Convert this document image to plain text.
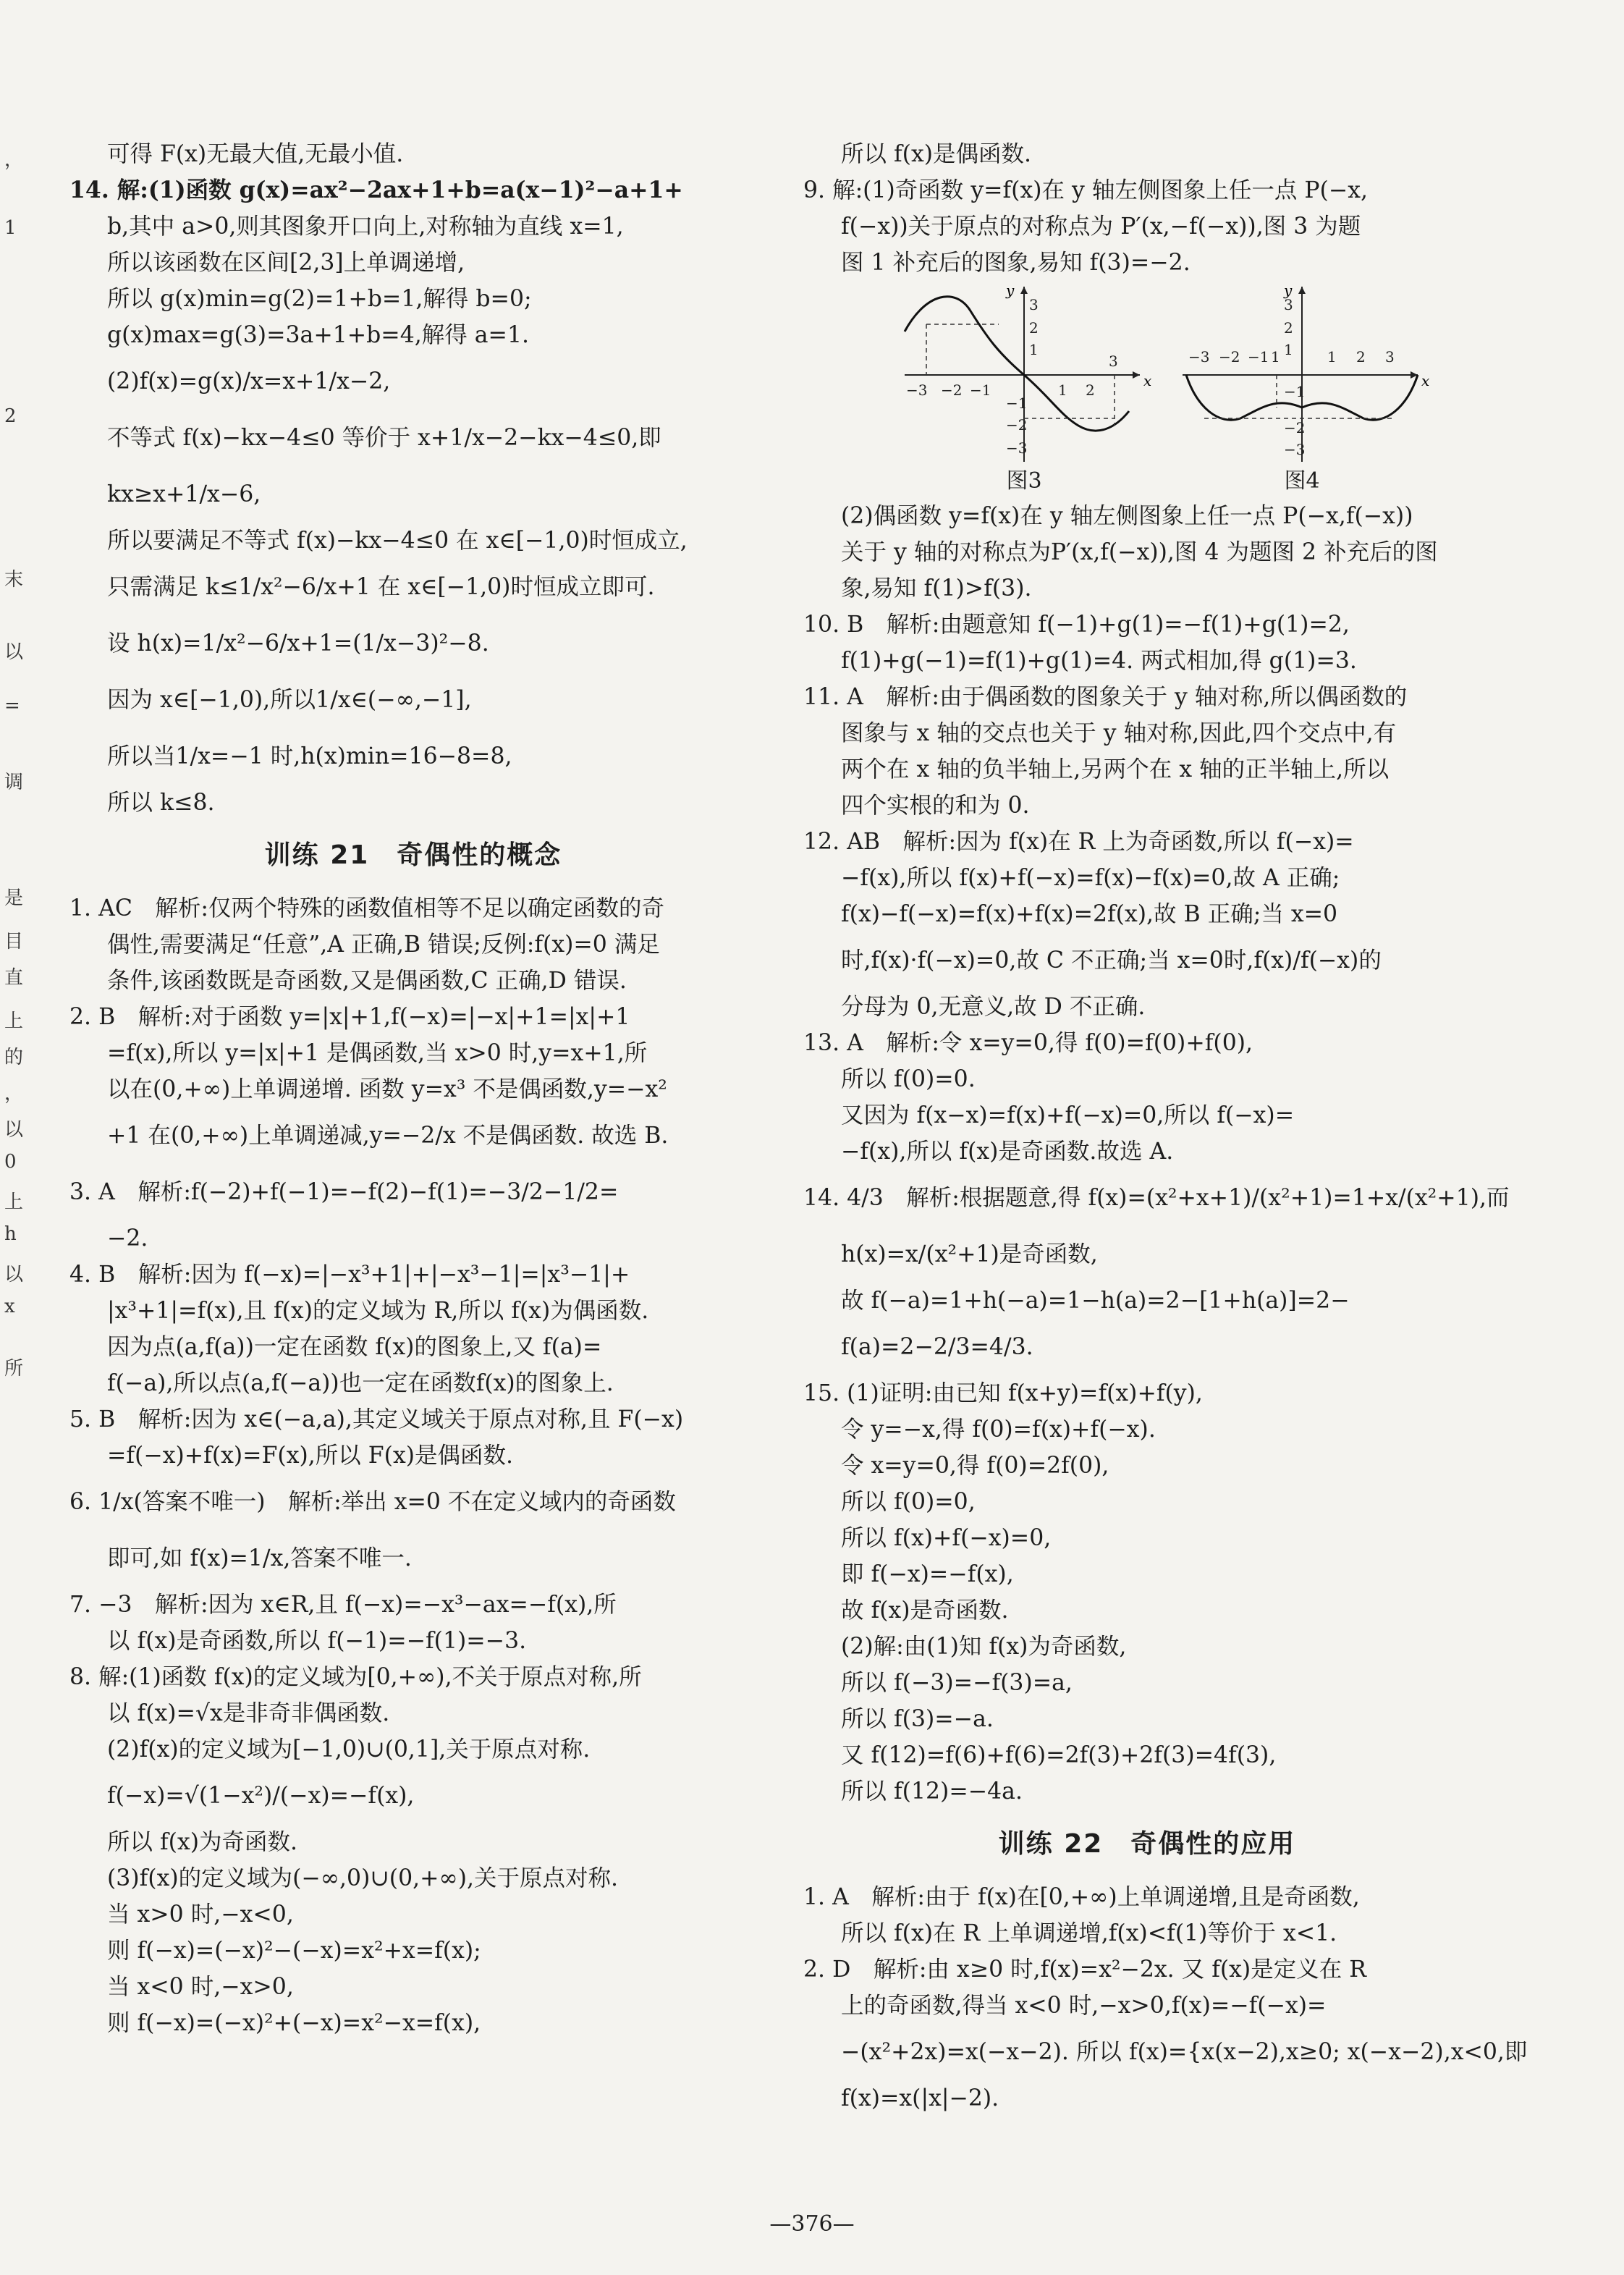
，
1
2
末
以
=
调
是
目
直
上
的
，
以
0
上
h
以
x
所
可得 F(x)无最大值,无最小值.
14. 解:(1)函数 g(x)=ax²−2ax+1+b=a(x−1)²−a+1+
b,其中 a>0,则其图象开口向上,对称轴为直线 x=1,
所以该函数在区间[2,3]上单调递增,
所以 g(x)min=g(2)=1+b=1,解得 b=0;
g(x)max=g(3)=3a+1+b=4,解得 a=1.
(2)f(x)=g(x)/x=x+1/x−2,
不等式 f(x)−kx−4≤0 等价于 x+1/x−2−kx−4≤0,即
kx≥x+1/x−6,
所以要满足不等式 f(x)−kx−4≤0 在 x∈[−1,0)时恒成立,
只需满足 k≤1/x²−6/x+1 在 x∈[−1,0)时恒成立即可.
设 h(x)=1/x²−6/x+1=(1/x−3)²−8.
因为 x∈[−1,0),所以1/x∈(−∞,−1],
所以当1/x=−1 时,h(x)min=16−8=8,
所以 k≤8.
训练 21　奇偶性的概念
1. AC　解析:仅两个特殊的函数值相等不足以确定函数的奇
偶性,需要满足“任意”,A 正确,B 错误;反例:f(x)=0 满足
条件,该函数既是奇函数,又是偶函数,C 正确,D 错误.
2. B　解析:对于函数 y=|x|+1,f(−x)=|−x|+1=|x|+1
=f(x),所以 y=|x|+1 是偶函数,当 x>0 时,y=x+1,所
以在(0,+∞)上单调递增. 函数 y=x³ 不是偶函数,y=−x²
+1 在(0,+∞)上单调递减,y=−2/x 不是偶函数. 故选 B.
3. A　解析:f(−2)+f(−1)=−f(2)−f(1)=−3/2−1/2=
−2.
4. B　解析:因为 f(−x)=|−x³+1|+|−x³−1|=|x³−1|+
|x³+1|=f(x),且 f(x)的定义域为 R,所以 f(x)为偶函数.
因为点(a,f(a))一定在函数 f(x)的图象上,又 f(a)=
f(−a),所以点(a,f(−a))也一定在函数f(x)的图象上.
5. B　解析:因为 x∈(−a,a),其定义域关于原点对称,且 F(−x)
=f(−x)+f(x)=F(x),所以 F(x)是偶函数.
6. 1/x(答案不唯一)　解析:举出 x=0 不在定义域内的奇函数
即可,如 f(x)=1/x,答案不唯一.
7. −3　解析:因为 x∈R,且 f(−x)=−x³−ax=−f(x),所
以 f(x)是奇函数,所以 f(−1)=−f(1)=−3.
8. 解:(1)函数 f(x)的定义域为[0,+∞),不关于原点对称,所
以 f(x)=√x是非奇非偶函数.
(2)f(x)的定义域为[−1,0)∪(0,1],关于原点对称.
f(−x)=√(1−x²)/(−x)=−f(x),
所以 f(x)为奇函数.
(3)f(x)的定义域为(−∞,0)∪(0,+∞),关于原点对称.
当 x>0 时,−x<0,
则 f(−x)=(−x)²−(−x)=x²+x=f(x);
当 x<0 时,−x>0,
则 f(−x)=(−x)²+(−x)=x²−x=f(x),
所以 f(x)是偶函数.
9. 解:(1)奇函数 y=f(x)在 y 轴左侧图象上任一点 P(−x,
f(−x))关于原点的对称点为 P′(x,−f(−x)),图 3 为题
图 1 补充后的图象,易知 f(3)=−2.
x
y
−3 −2 −1	1 2
3
3
2
1
−1
−2
−3
图3
x
y
−3 −2 −1 1	1 2 3
3
2
1
−1
−2
−3
图4
(2)偶函数 y=f(x)在 y 轴左侧图象上任一点 P(−x,f(−x))
关于 y 轴的对称点为P′(x,f(−x)),图 4 为题图 2 补充后的图
象,易知 f(1)>f(3).
10. B　解析:由题意知 f(−1)+g(1)=−f(1)+g(1)=2,
f(1)+g(−1)=f(1)+g(1)=4. 两式相加,得 g(1)=3.
11. A　解析:由于偶函数的图象关于 y 轴对称,所以偶函数的
图象与 x 轴的交点也关于 y 轴对称,因此,四个交点中,有
两个在 x 轴的负半轴上,另两个在 x 轴的正半轴上,所以
四个实根的和为 0.
12. AB　解析:因为 f(x)在 R 上为奇函数,所以 f(−x)=
−f(x),所以 f(x)+f(−x)=f(x)−f(x)=0,故 A 正确;
f(x)−f(−x)=f(x)+f(x)=2f(x),故 B 正确;当 x=0
时,f(x)·f(−x)=0,故 C 不正确;当 x=0时,f(x)/f(−x)的
分母为 0,无意义,故 D 不正确.
13. A　解析:令 x=y=0,得 f(0)=f(0)+f(0),
所以 f(0)=0.
又因为 f(x−x)=f(x)+f(−x)=0,所以 f(−x)=
−f(x),所以 f(x)是奇函数.故选 A.
14. 4/3　解析:根据题意,得 f(x)=(x²+x+1)/(x²+1)=1+x/(x²+1),而
h(x)=x/(x²+1)是奇函数,
故 f(−a)=1+h(−a)=1−h(a)=2−[1+h(a)]=2−
f(a)=2−2/3=4/3.
15. (1)证明:由已知 f(x+y)=f(x)+f(y),
令 y=−x,得 f(0)=f(x)+f(−x).
令 x=y=0,得 f(0)=2f(0),
所以 f(0)=0,
所以 f(x)+f(−x)=0,
即 f(−x)=−f(x),
故 f(x)是奇函数.
(2)解:由(1)知 f(x)为奇函数,
所以 f(−3)=−f(3)=a,
所以 f(3)=−a.
又 f(12)=f(6)+f(6)=2f(3)+2f(3)=4f(3),
所以 f(12)=−4a.
训练 22　奇偶性的应用
1. A　解析:由于 f(x)在[0,+∞)上单调递增,且是奇函数,
所以 f(x)在 R 上单调递增,f(x)<f(1)等价于 x<1.
2. D　解析:由 x≥0 时,f(x)=x²−2x. 又 f(x)是定义在 R
上的奇函数,得当 x<0 时,−x>0,f(x)=−f(−x)=
−(x²+2x)=x(−x−2). 所以 f(x)={x(x−2),x≥0; x(−x−2),x<0,即
f(x)=x(|x|−2).
—376—
